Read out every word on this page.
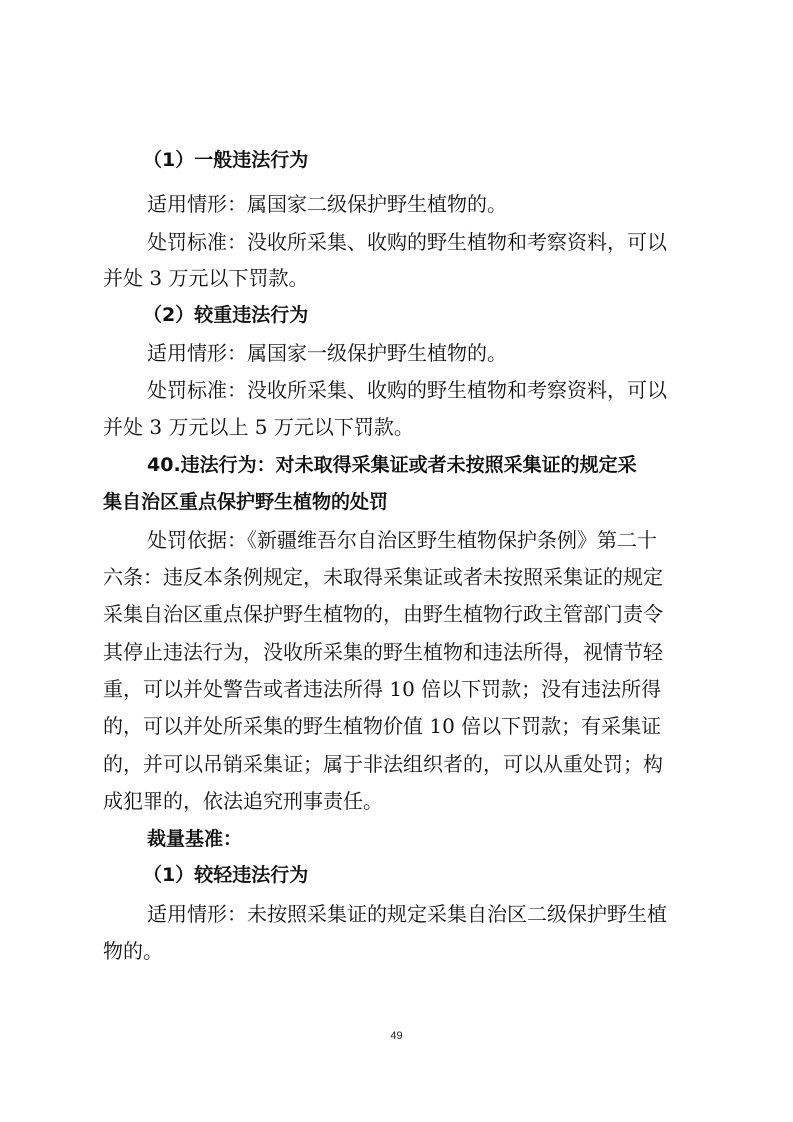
（1）一般违法行为
适用情形：属国家二级保护野生植物的。
处罚标准：没收所采集、收购的野生植物和考察资料，可以
并处 3 万元以下罚款。
（2）较重违法行为
适用情形：属国家一级保护野生植物的。
处罚标准：没收所采集、收购的野生植物和考察资料，可以
并处 3 万元以上 5 万元以下罚款。
40.违法行为：对未取得采集证或者未按照采集证的规定采
集自治区重点保护野生植物的处罚
处罚依据：《新疆维吾尔自治区野生植物保护条例》第二十
六条：违反本条例规定，未取得采集证或者未按照采集证的规定
采集自治区重点保护野生植物的，由野生植物行政主管部门责令
其停止违法行为，没收所采集的野生植物和违法所得，视情节轻
重，可以并处警告或者违法所得 10 倍以下罚款；没有违法所得
的，可以并处所采集的野生植物价值 10 倍以下罚款；有采集证
的，并可以吊销采集证；属于非法组织者的，可以从重处罚；构
成犯罪的，依法追究刑事责任。
裁量基准：
（1）较轻违法行为
适用情形：未按照采集证的规定采集自治区二级保护野生植
物的。
49
